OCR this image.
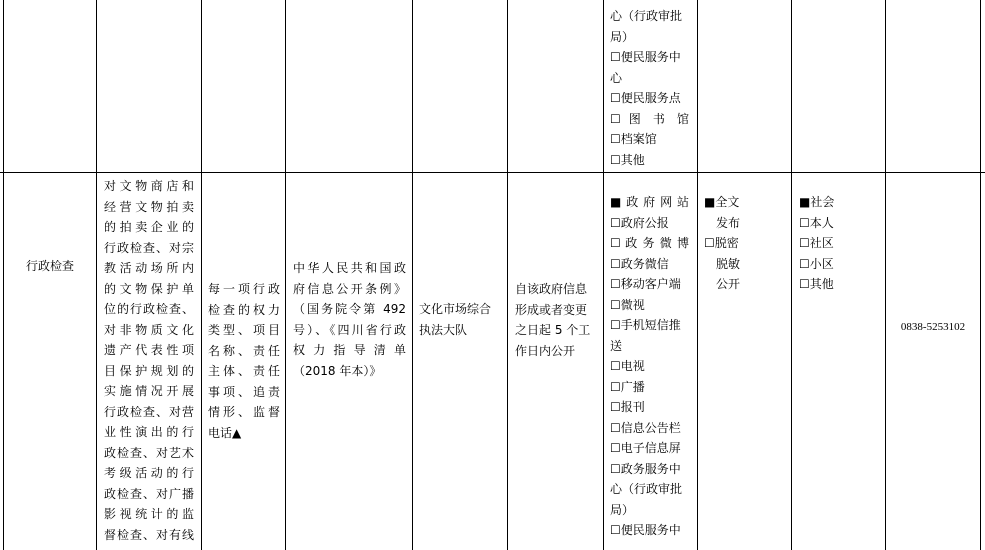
心（行政审批
局）
☐便民服务中
心
☐便民服务点
☐ 图 书 馆
☐档案馆
☐其他
行政检查
对文物商店和
经营文物拍卖
的拍卖企业的
行政检查、对宗
教活动场所内
的文物保护单
位的行政检查、
对非物质文化
遗产代表性项
目保护规划的
实施情况开展
行政检查、对营
业性演出的行
政检查、对艺术
考级活动的行
政检查、对广播
影视统计的监
督检查、对有线
每一项行政
检查的权力
类型、项目
名称、责任
主体、责任
事项、追责
情形、监督
电话▲
中华人民共和国政
府信息公开条例》
（国务院令第 492
号）、《四川省行政
权 力 指 导 清 单
（2018 年本）》
文化市场综合
执法大队
自该政府信息
形成或者变更
之日起 5 个工
作日内公开
■ 政 府 网 站
☐政府公报
☐ 政 务 微 博
☐政务微信
☐移动客户端
☐微视
☐手机短信推
送
☐电视
☐广播
☐报刊
☐信息公告栏
☐电子信息屏
☐政务服务中
心（行政审批
局）
☐便民服务中
■全文
发布
☐脱密
脱敏
公开
■社会
☐本人
☐社区
☐小区
☐其他
0838-5253102
